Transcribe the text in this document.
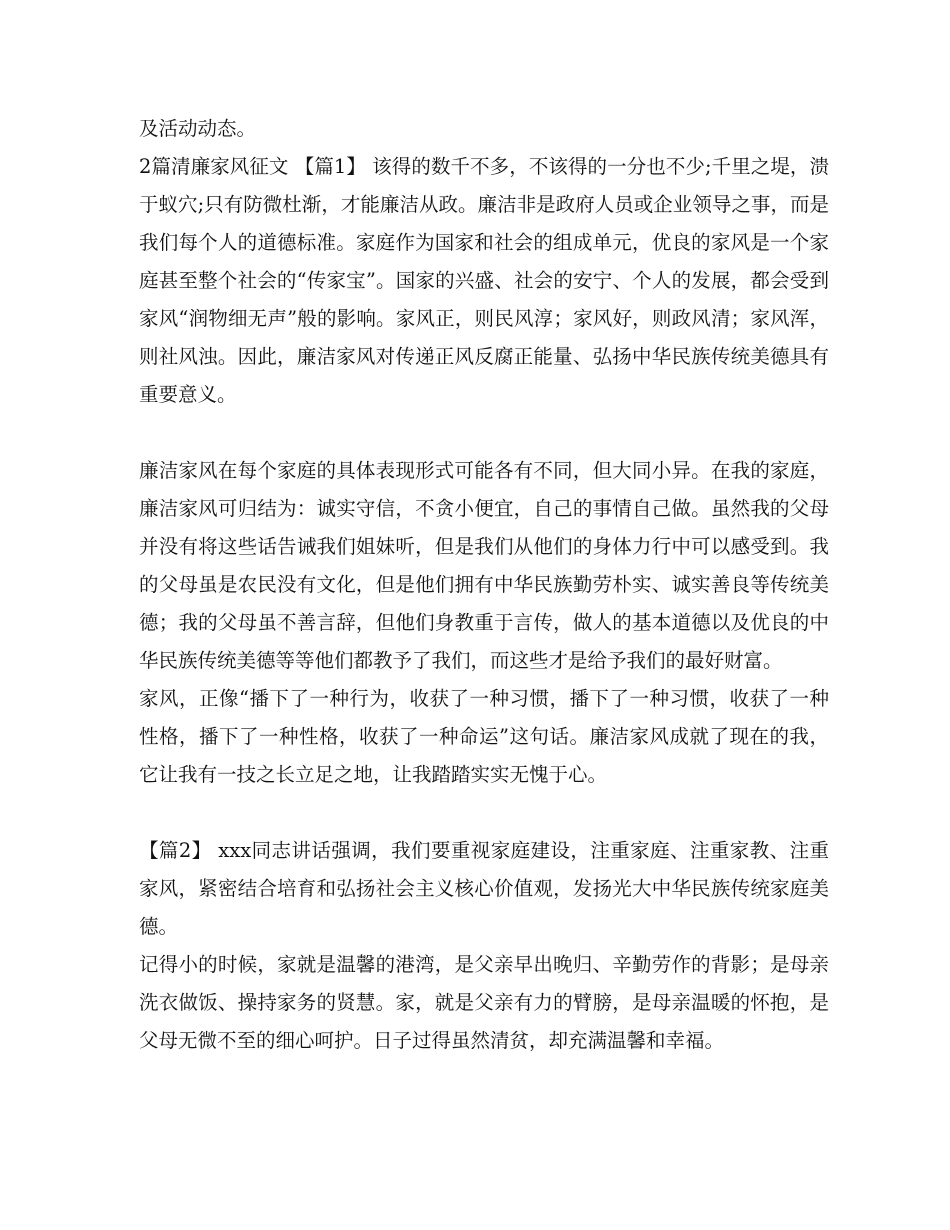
及活动动态。

2篇清廉家风征文 【篇1】 该得的数千不多，不该得的一分也不少;千里之堤，溃于蚁穴;只有防微杜渐，才能廉洁从政。廉洁非是政府人员或企业领导之事，而是我们每个人的道德标准。家庭作为国家和社会的组成单元，优良的家风是一个家庭甚至整个社会的“传家宝”。国家的兴盛、社会的安宁、个人的发展，都会受到家风“润物细无声”般的影响。家风正，则民风淳；家风好，则政风清；家风浑，则社风浊。因此，廉洁家风对传递正风反腐正能量、弘扬中华民族传统美德具有重要意义。

廉洁家风在每个家庭的具体表现形式可能各有不同，但大同小异。在我的家庭，廉洁家风可归结为：诚实守信，不贪小便宜，自己的事情自己做。虽然我的父母并没有将这些话告诫我们姐妹听，但是我们从他们的身体力行中可以感受到。我的父母虽是农民没有文化，但是他们拥有中华民族勤劳朴实、诚实善良等传统美德；我的父母虽不善言辞，但他们身教重于言传，做人的基本道德以及优良的中华民族传统美德等等他们都教予了我们，而这些才是给予我们的最好财富。

家风，正像“播下了一种行为，收获了一种习惯，播下了一种习惯，收获了一种性格，播下了一种性格，收获了一种命运”这句话。廉洁家风成就了现在的我，它让我有一技之长立足之地，让我踏踏实实无愧于心。

【篇2】 xxx同志讲话强调，我们要重视家庭建设，注重家庭、注重家教、注重家风，紧密结合培育和弘扬社会主义核心价值观，发扬光大中华民族传统家庭美德。

记得小的时候，家就是温馨的港湾，是父亲早出晚归、辛勤劳作的背影；是母亲洗衣做饭、操持家务的贤慧。家，就是父亲有力的臂膀，是母亲温暖的怀抱，是父母无微不至的细心呵护。日子过得虽然清贫，却充满温馨和幸福。
